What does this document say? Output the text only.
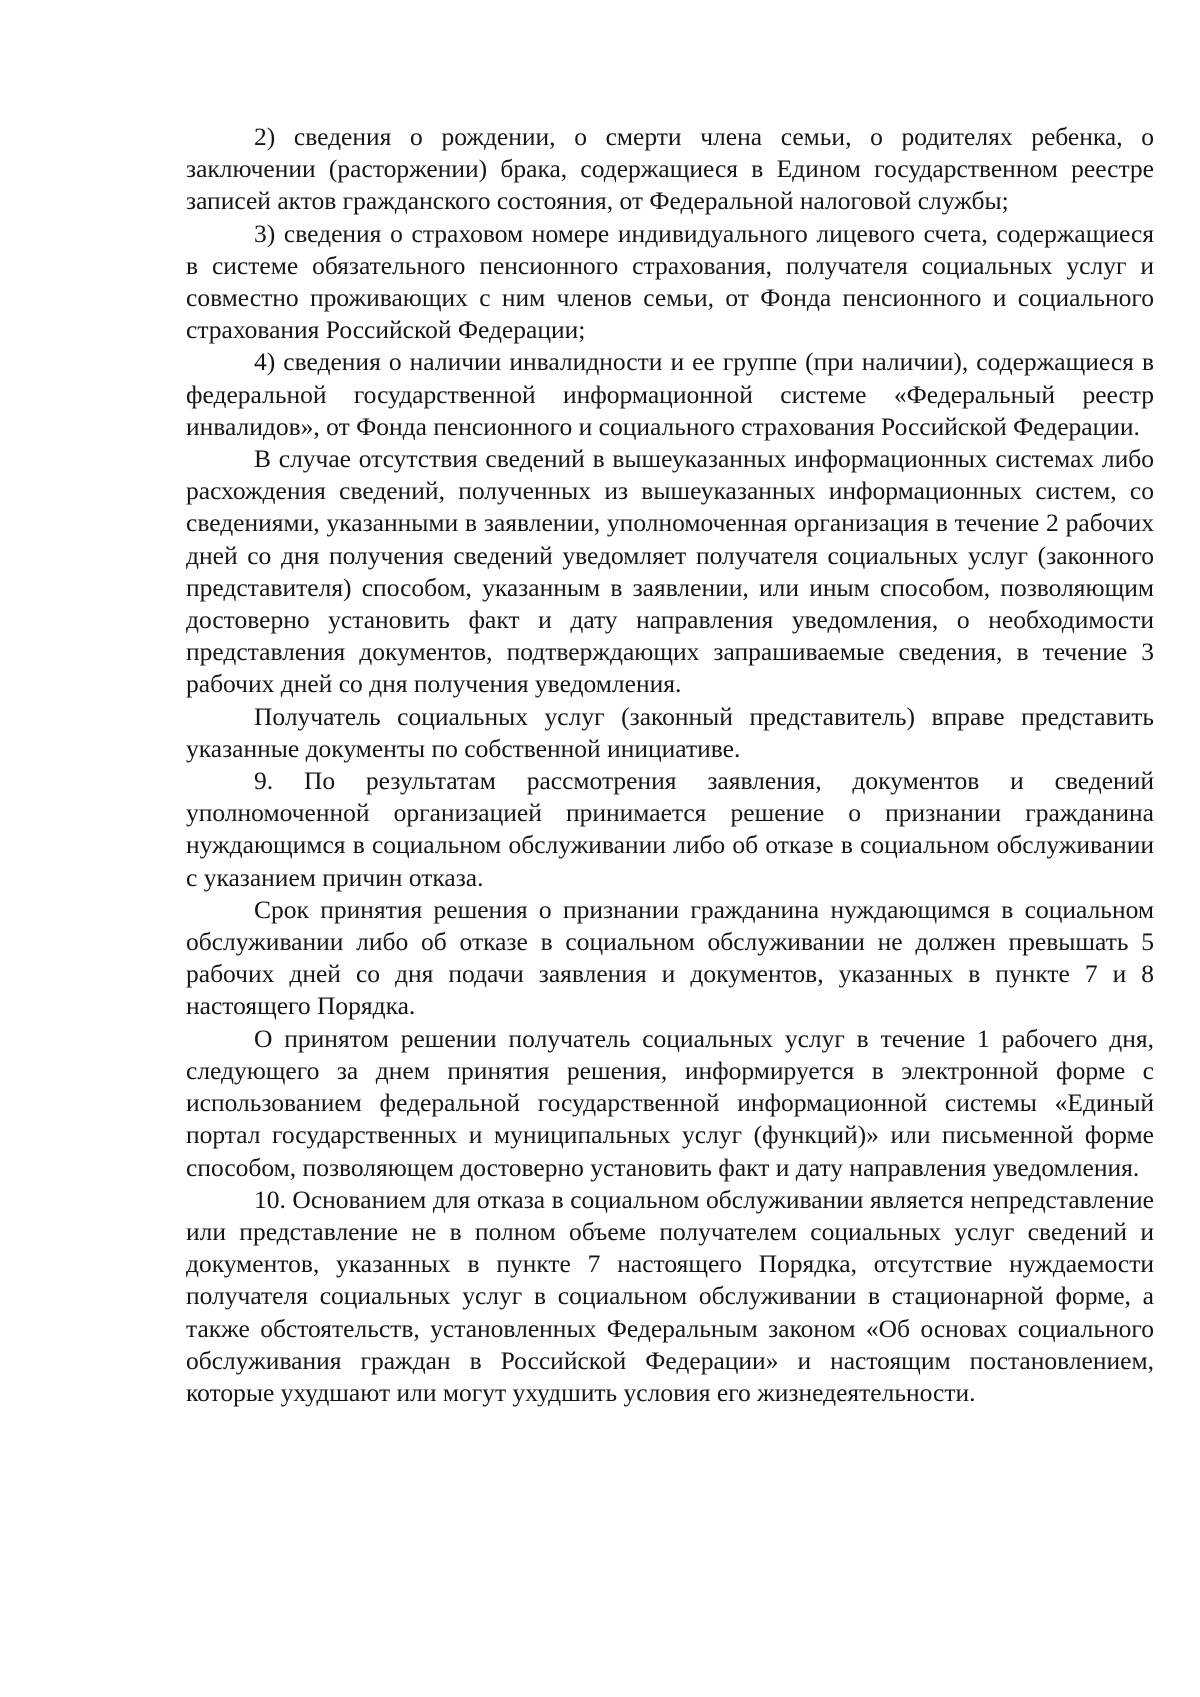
2) сведения о рождении, о смерти члена семьи, о родителях ребенка, о заключении (расторжении) брака, содержащиеся в Едином государственном реестре записей актов гражданского состояния, от Федеральной налоговой службы;

3) сведения о страховом номере индивидуального лицевого счета, содержащиеся в системе обязательного пенсионного страхования, получателя социальных услуг и совместно проживающих с ним членов семьи, от Фонда пенсионного и социального страхования Российской Федерации;

4) сведения о наличии инвалидности и ее группе (при наличии), содержащиеся в федеральной государственной информационной системе «Федеральный реестр инвалидов», от Фонда пенсионного и социального страхования Российской Федерации.

В случае отсутствия сведений в вышеуказанных информационных системах либо расхождения сведений, полученных из вышеуказанных информационных систем, со сведениями, указанными в заявлении, уполномоченная организация в течение 2 рабочих дней со дня получения сведений уведомляет получателя социальных услуг (законного представителя) способом, указанным в заявлении, или иным способом, позволяющим достоверно установить факт и дату направления уведомления, о необходимости представления документов, подтверждающих запрашиваемые сведения, в течение 3 рабочих дней со дня получения уведомления.

Получатель социальных услуг (законный представитель) вправе представить указанные документы по собственной инициативе.

9. По результатам рассмотрения заявления, документов и сведений уполномоченной организацией принимается решение о признании гражданина нуждающимся в социальном обслуживании либо об отказе в социальном обслуживании с указанием причин отказа.

Срок принятия решения о признании гражданина нуждающимся в социальном обслуживании либо об отказе в социальном обслуживании не должен превышать 5 рабочих дней со дня подачи заявления и документов, указанных в пункте 7 и 8 настоящего Порядка.

О принятом решении получатель социальных услуг в течение 1 рабочего дня, следующего за днем принятия решения, информируется в электронной форме с использованием федеральной государственной информационной системы «Единый портал государственных и муниципальных услуг (функций)» или письменной форме способом, позволяющем достоверно установить факт и дату направления уведомления.

10. Основанием для отказа в социальном обслуживании является непредставление или представление не в полном объеме получателем социальных услуг сведений и документов, указанных в пункте 7 настоящего Порядка, отсутствие нуждаемости получателя социальных услуг в социальном обслуживании в стационарной форме, а также обстоятельств, установленных Федеральным законом «Об основах социального обслуживания граждан в Российской Федерации» и настоящим постановлением, которые ухудшают или могут ухудшить условия его жизнедеятельности.
